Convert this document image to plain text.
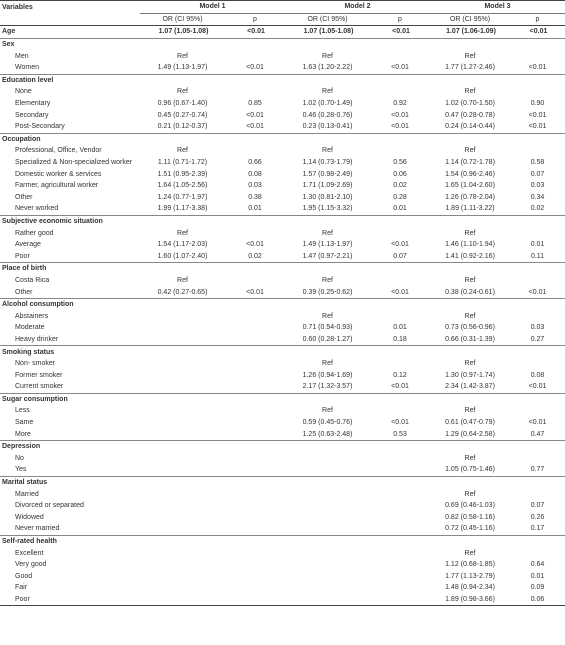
Variables	Model 1		Model 2		Model 3	
	OR (CI 95%)	p	OR (CI 95%)	p	OR (CI 95%)	p
Age	1.07 (1.05-1.08)	<0.01	1.07 (1.05-1.08)	<0.01	1.07 (1.06-1.09)	<0.01
Sex						
Men	Ref		Ref		Ref	
Women	1.49 (1.13-1.97)	<0.01	1.63 (1.20-2.22)	<0.01	1.77 (1.27-2.46)	<0.01
Education level						
None	Ref		Ref		Ref	
Elementary	0.96 (0.67-1.40)	0.85	1.02 (0.70-1.49)	0.92	1.02 (0.70-1.50)	0.90
Secondary	0.45 (0.27-0.74)	<0.01	0.46 (0.28-0.76)	<0.01	0.47 (0.28-0.78)	<0.01
Post-Secondary	0.21 (0.12-0.37)	<0.01	0.23 (0.13-0.41)	<0.01	0.24 (0.14-0.44)	<0.01
Occupation						
Professional, Office, Vendor	Ref		Ref		Ref	
Specialized & Non-specialized worker	1.11 (0.71-1.72)	0.66	1.14 (0.73-1.79)	0.56	1.14 (0.72-1.78)	0.58
Domestic worker & services	1.51 (0.95-2.39)	0.08	1.57 (0.98-2.49)	0.06	1.54 (0.96-2.46)	0.07
Farmer, agricultural worker	1.64 (1.05-2.56)	0.03	1.71 (1.09-2.69)	0.02	1.65 (1.04-2.60)	0.03
Other	1.24 (0.77-1.97)	0.38	1.30 (0.81-2.10)	0.28	1.26 (0.78-2.04)	0.34
Never worked	1.99 (1.17-3.38)	0.01	1.95 (1.15-3.32)	0.01	1.89 (1.11-3.22)	0.02
Subjective economic situation						
Rather good	Ref		Ref		Ref	
Average	1.54 (1.17-2.03)	<0.01	1.49 (1.13-1.97)	<0.01	1.46 (1.10-1.94)	0.01
Poor	1.60 (1.07-2.40)	0.02	1.47 (0.97-2.21)	0.07	1.41 (0.92-2.16)	0.11
Place of birth						
Costa Rica	Ref		Ref		Ref	
Other	0.42 (0.27-0.65)	<0.01	0.39 (0.25-0.62)	<0.01	0.38 (0.24-0.61)	<0.01
Alcohol consumption						
Abstainers			Ref		Ref	
Moderate			0.71 (0.54-0.93)	0.01	0.73 (0.56-0.96)	0.03
Heavy drinker			0.60 (0.28-1.27)	0.18	0.66 (0.31-1.39)	0.27
Smoking status						
Non- smoker			Ref		Ref	
Former smoker			1.26 (0.94-1.69)	0.12	1.30 (0.97-1.74)	0.08
Current smoker			2.17 (1.32-3.57)	<0.01	2.34 (1.42-3.87)	<0.01
Sugar consumption						
Less			Ref		Ref	
Same			0.59 (0.45-0.76)	<0.01	0.61 (0.47-0.79)	<0.01
More			1.25 (0.63-2.48)	0.53	1.29 (0.64-2.58)	0.47
Depression						
No					Ref	
Yes					1.05 (0.75-1.46)	0.77
Marital status						
Married					Ref	
Divorced or separated					0.69 (0.46-1.03)	0.07
Widowed					0.82 (0.58-1.16)	0.26
Never married					0.72 (0.45-1.16)	0.17
Self-rated health						
Excellent					Ref	
Very good					1.12 (0.68-1.85)	0.64
Good					1.77 (1.13-2.79)	0.01
Fair					1.48 (0.94-2.34)	0.09
Poor					1.89 (0.98-3.66)	0.06
